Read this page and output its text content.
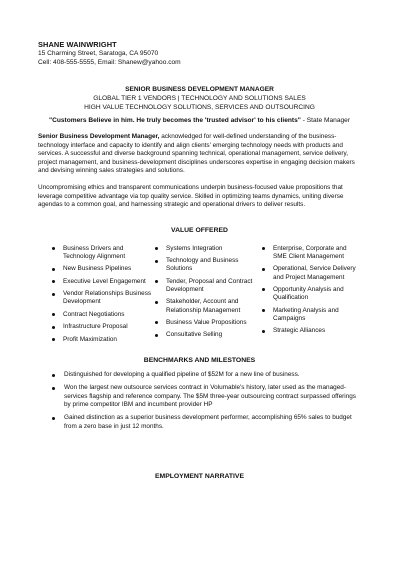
SHANE WAINWRIGHT
15 Charming Street, Saratoga, CA 95070
Cell: 408-555-5555, Email: Shanew@yahoo.com
SENIOR BUSINESS DEVELOPMENT MANAGER
GLOBAL TIER 1 VENDORS | TECHNOLOGY AND SOLUTIONS SALES
HIGH VALUE TECHNOLOGY SOLUTIONS, SERVICES AND OUTSOURCING
"Customers Believe in him. He truly becomes the 'trusted advisor' to his clients" - State Manager
Senior Business Development Manager, acknowledged for well-defined understanding of the business-technology interface and capacity to identify and align clients' emerging technology needs with products and services. A successful and diverse background spanning technical, operational management, service delivery, project management, and business-development disciplines underscores expertise in engaging decision makers and devising winning sales strategies and solutions.
Uncompromising ethics and transparent communications underpin business-focused value propositions that leverage competitive advantage via top quality service. Skilled in optimizing teams dynamics, uniting diverse agendas to a common goal, and harnessing strategic and operational drivers to deliver results.
VALUE OFFERED
Business Drivers and Technology Alignment
New Business Pipelines
Executive Level Engagement
Vendor Relationships Business Development
Contract Negotiations
Infrastructure Proposal
Profit Maximization
Systems Integration
Technology and Business Solutions
Tender, Proposal and Contract Development
Stakeholder, Account and Relationship Management
Business Value Propositions
Consultative Selling
Enterprise, Corporate and SME Client Management
Operational, Service Delivery and Project Management
Opportunity Analysis and Qualification
Marketing Analysis and Campaigns
Strategic Alliances
BENCHMARKS AND MILESTONES
Distinguished for developing a qualified pipeline of $52M for a new line of business.
Won the largest new outsource services contract in Volumable's history, later used as the managed-services flagship and reference company. The $5M three-year outsourcing contract surpassed offerings by prime competitor IBM and incumbent provider HP
Gained distinction as a superior business development performer, accomplishing 65% sales to budget from a zero base in just 12 months.
EMPLOYMENT NARRATIVE
